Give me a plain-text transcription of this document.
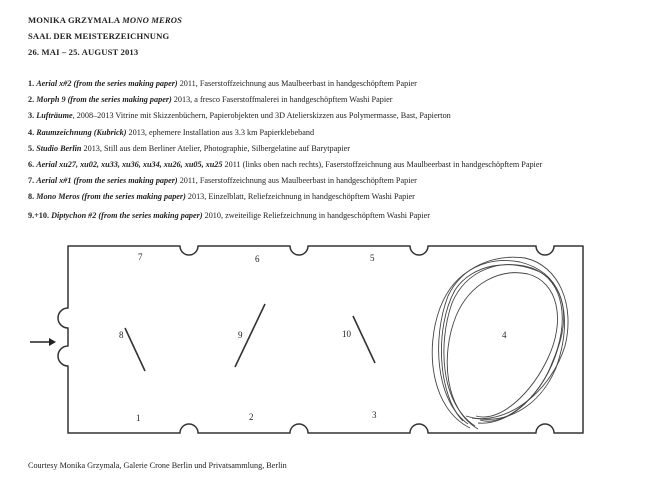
MONIKA GRZYMALA MONO MEROS
SAAL DER MEISTERZEICHNUNG
26. MAI – 25. AUGUST 2013
1. Aerial x#2 (from the series making paper) 2011, Faserstoffzeichnung aus Maulbeerbast in handgeschöpftem Papier
2. Morph 9 (from the series making paper) 2013, a fresco Faserstoffmalerei in handgeschöpftem Washi Papier
3. Lufträume, 2008–2013 Vitrine mit Skizzenbüchern, Papierobjekten und 3D Atelierskizzen aus Polymermasse, Bast, Papierton
4. Raumzeichnung (Kubrick) 2013, ephemere Installation aus 3.3 km Papierklebeband
5. Studio Berlin 2013, Still aus dem Berliner Atelier, Photographie, Silbergelatine auf Barytpapier
6. Aerial xu27, xu02, xu33, xu36, xu34, xu26, xu05, xu25 2011 (links oben nach rechts), Faserstoffzeichnung aus Maulbeerbast in handgeschöpftem Papier
7. Aerial x#1 (from the series making paper) 2011, Faserstoffzeichnung aus Maulbeerbast in handgeschöpftem Papier
8. Mono Meros (from the series making paper) 2013, Einzelblatt, Reliefzeichnung in handgeschöpftem Washi Papier
9.+10. Diptychon #2 (from the series making paper) 2010, zweiteilige Reliefzeichnung in handgeschöpftem Washi Papier
7	6	5
8	9	10	4
1	2	3
Courtesy Monika Grzymala, Galerie Crone Berlin und Privatsammlung, Berlin
